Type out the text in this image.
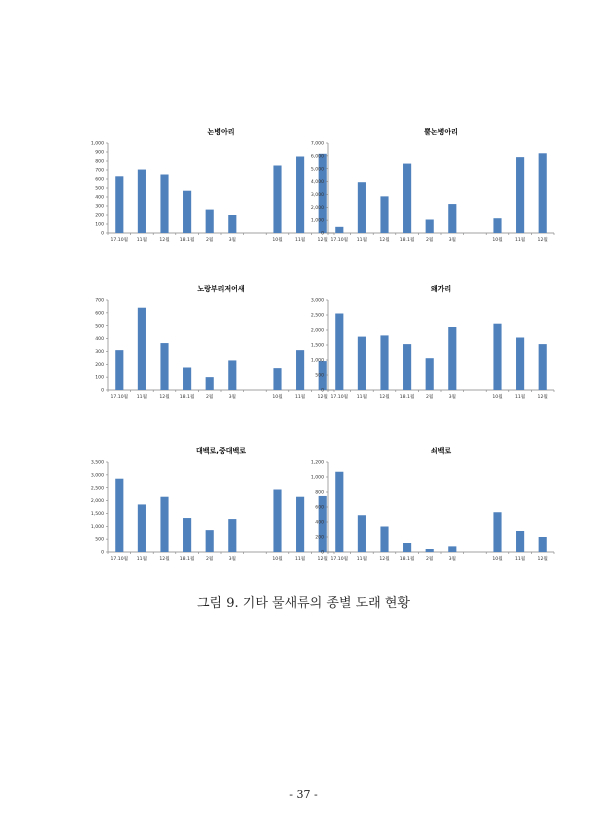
논병아리
0
100
200
300
400
500
600
700
800
900
1,000
17.10월 11월	12월 18.1월	2월	3월	10월	11월	12월
뿔논병아리
0
1,000
2,000
3,000
4,000
5,000
6,000
7,000
17.10월 11월	12월 18.1월	2월	3월	10월	11월	12월
노랑부리저어새
0
100
200
300
400
500
600
700
17.10월 11월	12월 18.1월	2월	3월	10월	11월	12월
왜가리
0
500
1,000
1,500
2,000
2,500
3,000
17.10월 11월	12월 18.1월	2월	3월	10월	11월	12월
대백로,중대백로
0
500
1,000
1,500
2,000
2,500
3,000
3,500
17.10월 11월	12월 18.1월	2월	3월	10월	11월	12월
쇠백로
0
200
400
600
800
1,000
1,200
17.10월 11월	12월 18.1월	2월	3월	10월	11월	12월
그림 9. 기타 물새류의 종별 도래 현황
- 37 -
